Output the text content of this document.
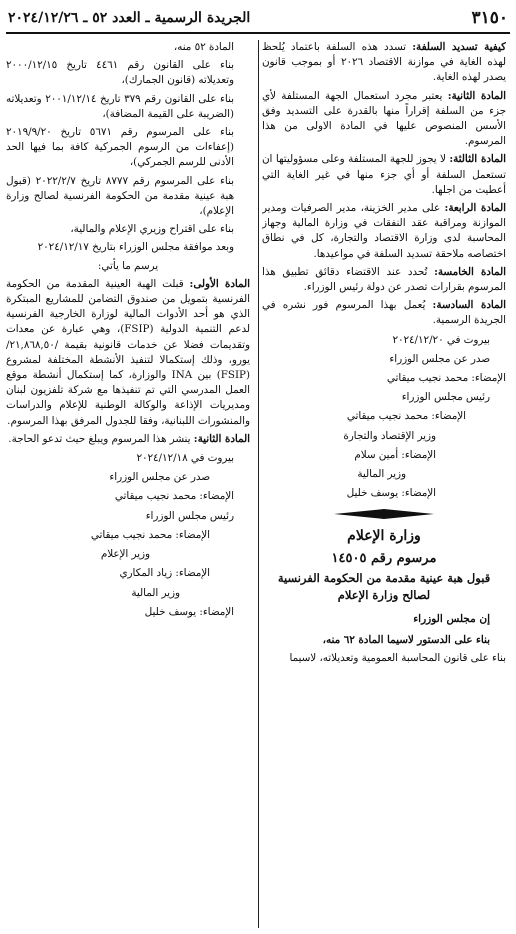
٣١٥٠
الجريدة الرسمية ـ العدد ٥٢ ـ ٢٠٢٤/١٢/٢٦

كيفية تسديد السلفة: تسدد هذه السلفة باعتماد يُلحظ لهذه الغاية في موازنة الاقتصاد ٢٠٢٦ أو بموجب قانون يصدر لهذه الغاية.

المادة الثانية: يعتبر مجرد استعمال الجهة المستلفة لأي جزء من السلفة إقراراً منها بالقدرة على التسديد وفق الأسس المنصوص عليها في المادة الاولى من هذا المرسوم.

المادة الثالثة: لا يجوز للجهة المستلفة وعلى مسؤوليتها ان تستعمل السلفة أو أي جزء منها في غير الغاية التي أعطيت من اجلها.

المادة الرابعة: على مدير الخزينة، مدير الصرفيات ومدير الموازنة ومراقبة عقد النفقات في وزارة المالية وجهاز المحاسبة لدى وزارة الاقتصاد والتجارة، كل في نطاق اختصاصه ملاحقة تسديد السلفة في مواعيدها.

المادة الخامسة: تُحدد عند الاقتضاء دقائق تطبيق هذا المرسوم بقرارات تصدر عن دولة رئيس الوزراء.

المادة السادسة: يُعمل بهذا المرسوم فور نشره في الجريدة الرسمية.

بيروت في ٢٠٢٤/١٢/٢٠

صدر عن مجلس الوزراء

الإمضاء: محمد نجيب ميقاتي

رئيس مجلس الوزراء

الإمضاء: محمد نجيب ميقاتي

وزير الإقتصاد والتجارة

الإمضاء: أمين سلام

وزير المالية

الإمضاء: يوسف خليل

وزارة الإعلام
مرسوم رقم ١٤٥٠٥
قبول هبة عينية مقدمة من الحكومة الفرنسية لصالح وزارة الإعلام
إن مجلس الوزراء

بناء على الدستور لاسيما المادة ٦٢ منه،

بناء على قانون المحاسبة العمومية وتعديلاته، لاسيما

المادة ٥٢ منه،

بناء على القانون رقم ٤٤٦١ تاريخ ٢٠٠٠/١٢/١٥ وتعديلاته (قانون الجمارك)،

بناء على القانون رقم ٣٧٩ تاريخ ٢٠٠١/١٢/١٤ وتعديلاته (الضريبة على القيمة المضافة)،

بناء على المرسوم رقم ٥٦٧١ تاريخ ٢٠١٩/٩/٢٠ (إعفاءات من الرسوم الجمركية كافة بما فيها الحد الأدنى للرسم الجمركي)،

بناء على المرسوم رقم ٨٧٧٧ تاريخ ٢٠٢٢/٢/٧ (قبول هبة عينية مقدمة من الحكومة الفرنسية لصالح وزارة الإعلام)،

بناء على اقتراح وزيري الإعلام والمالية،

وبعد موافقة مجلس الوزراء بتاريخ ٢٠٢٤/١٢/١٧

يرسم ما يأتي:

المادة الأولى: قبلت الهبة العينية المقدمة من الحكومة الفرنسية بتمويل من صندوق التضامن للمشاريع المبتكرة الذي هو أحد الأدوات المالية لوزارة الخارجية الفرنسية لدعم التنمية الدولية (FSIP)، وهي عبارة عن معدات وتقديمات فضلا عن خدمات قانونية بقيمة /٢١,٨٦٨,٥٠/ يورو، وذلك إستكمالا لتنفيذ الأنشطة المختلفة لمشروع (FSIP) بين INA والوزارة، كما إستكمال أنشطة موقع العمل المدرسي التي تم تنفيذها مع شركة تلفزيون لبنان ومديريات الإذاعة والوكالة الوطنية للإعلام والدراسات والمنشورات اللبنانية، وفقا للجدول المرفق بهذا المرسوم.

المادة الثانية: ينشر هذا المرسوم ويبلغ حيث تدعو الحاجة.

بيروت في ٢٠٢٤/١٢/١٨

صدر عن مجلس الوزراء

الإمضاء: محمد نجيب ميقاتي

رئيس مجلس الوزراء

الإمضاء: محمد نجيب ميقاتي

وزير الإعلام

الإمضاء: زياد المكاري

وزير المالية

الإمضاء: يوسف خليل
